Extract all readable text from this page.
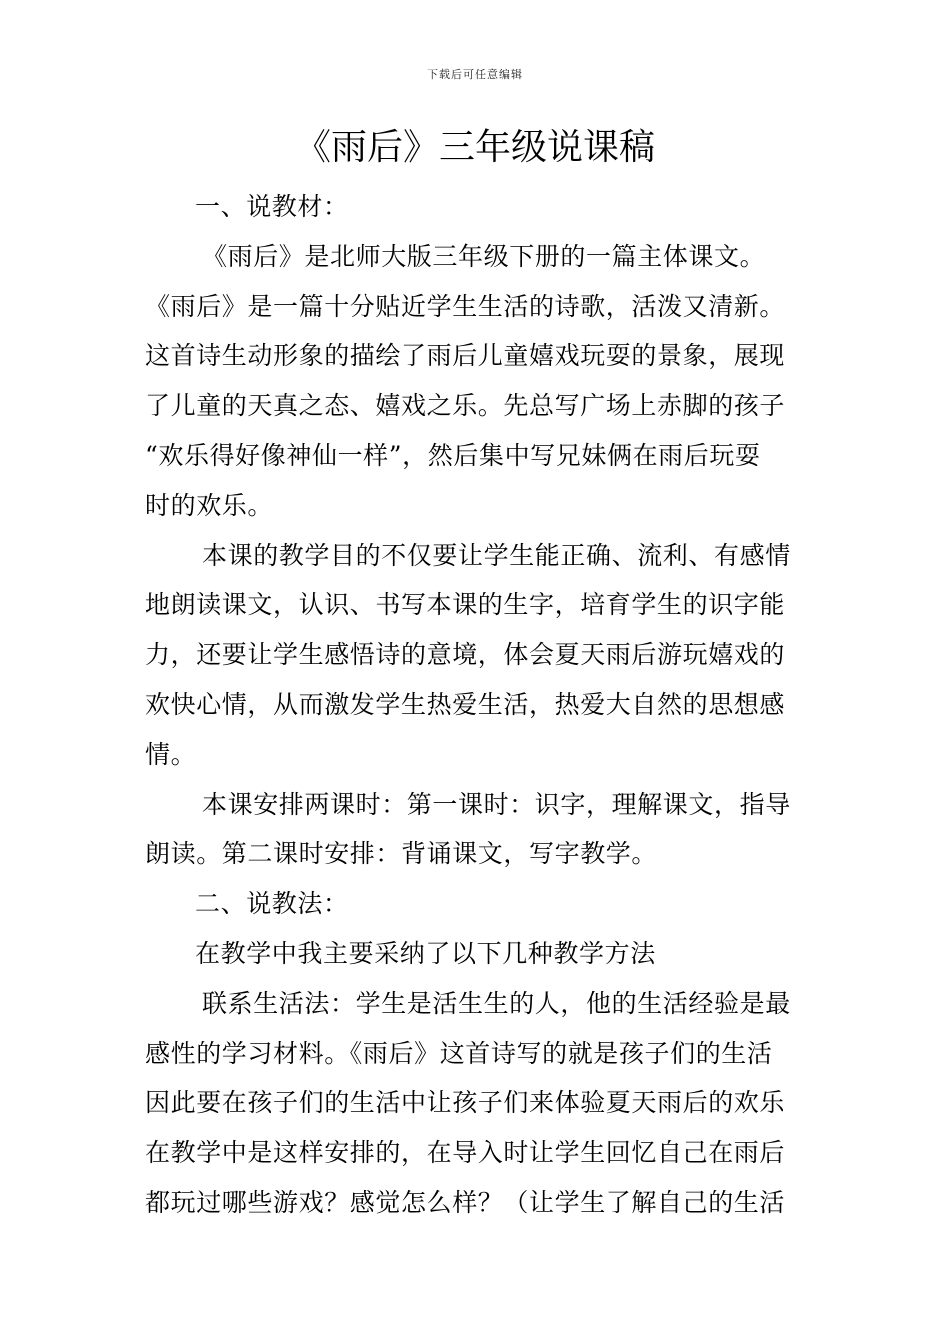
下载后可任意编辑
《雨后》三年级说课稿
一、说教材：
《雨后》是北师大版三年级下册的一篇主体课文。
《雨后》是一篇十分贴近学生生活的诗歌，活泼又清新。
这首诗生动形象的描绘了雨后儿童嬉戏玩耍的景象，展现
了儿童的天真之态、嬉戏之乐。先总写广场上赤脚的孩子
“欢乐得好像神仙一样”，然后集中写兄妹俩在雨后玩耍
时的欢乐。
本课的教学目的不仅要让学生能正确、流利、有感情
地朗读课文，认识、书写本课的生字，培育学生的识字能
力，还要让学生感悟诗的意境，体会夏天雨后游玩嬉戏的
欢快心情，从而激发学生热爱生活，热爱大自然的思想感
情。
本课安排两课时：第一课时：识字，理解课文，指导
朗读。第二课时安排：背诵课文，写字教学。
二、说教法：
在教学中我主要采纳了以下几种教学方法
联系生活法：学生是活生生的人，他的生活经验是最
感性的学习材料。《雨后》这首诗写的就是孩子们的生活
因此要在孩子们的生活中让孩子们来体验夏天雨后的欢乐
在教学中是这样安排的，在导入时让学生回忆自己在雨后
都玩过哪些游戏？感觉怎么样？（让学生了解自己的生活
